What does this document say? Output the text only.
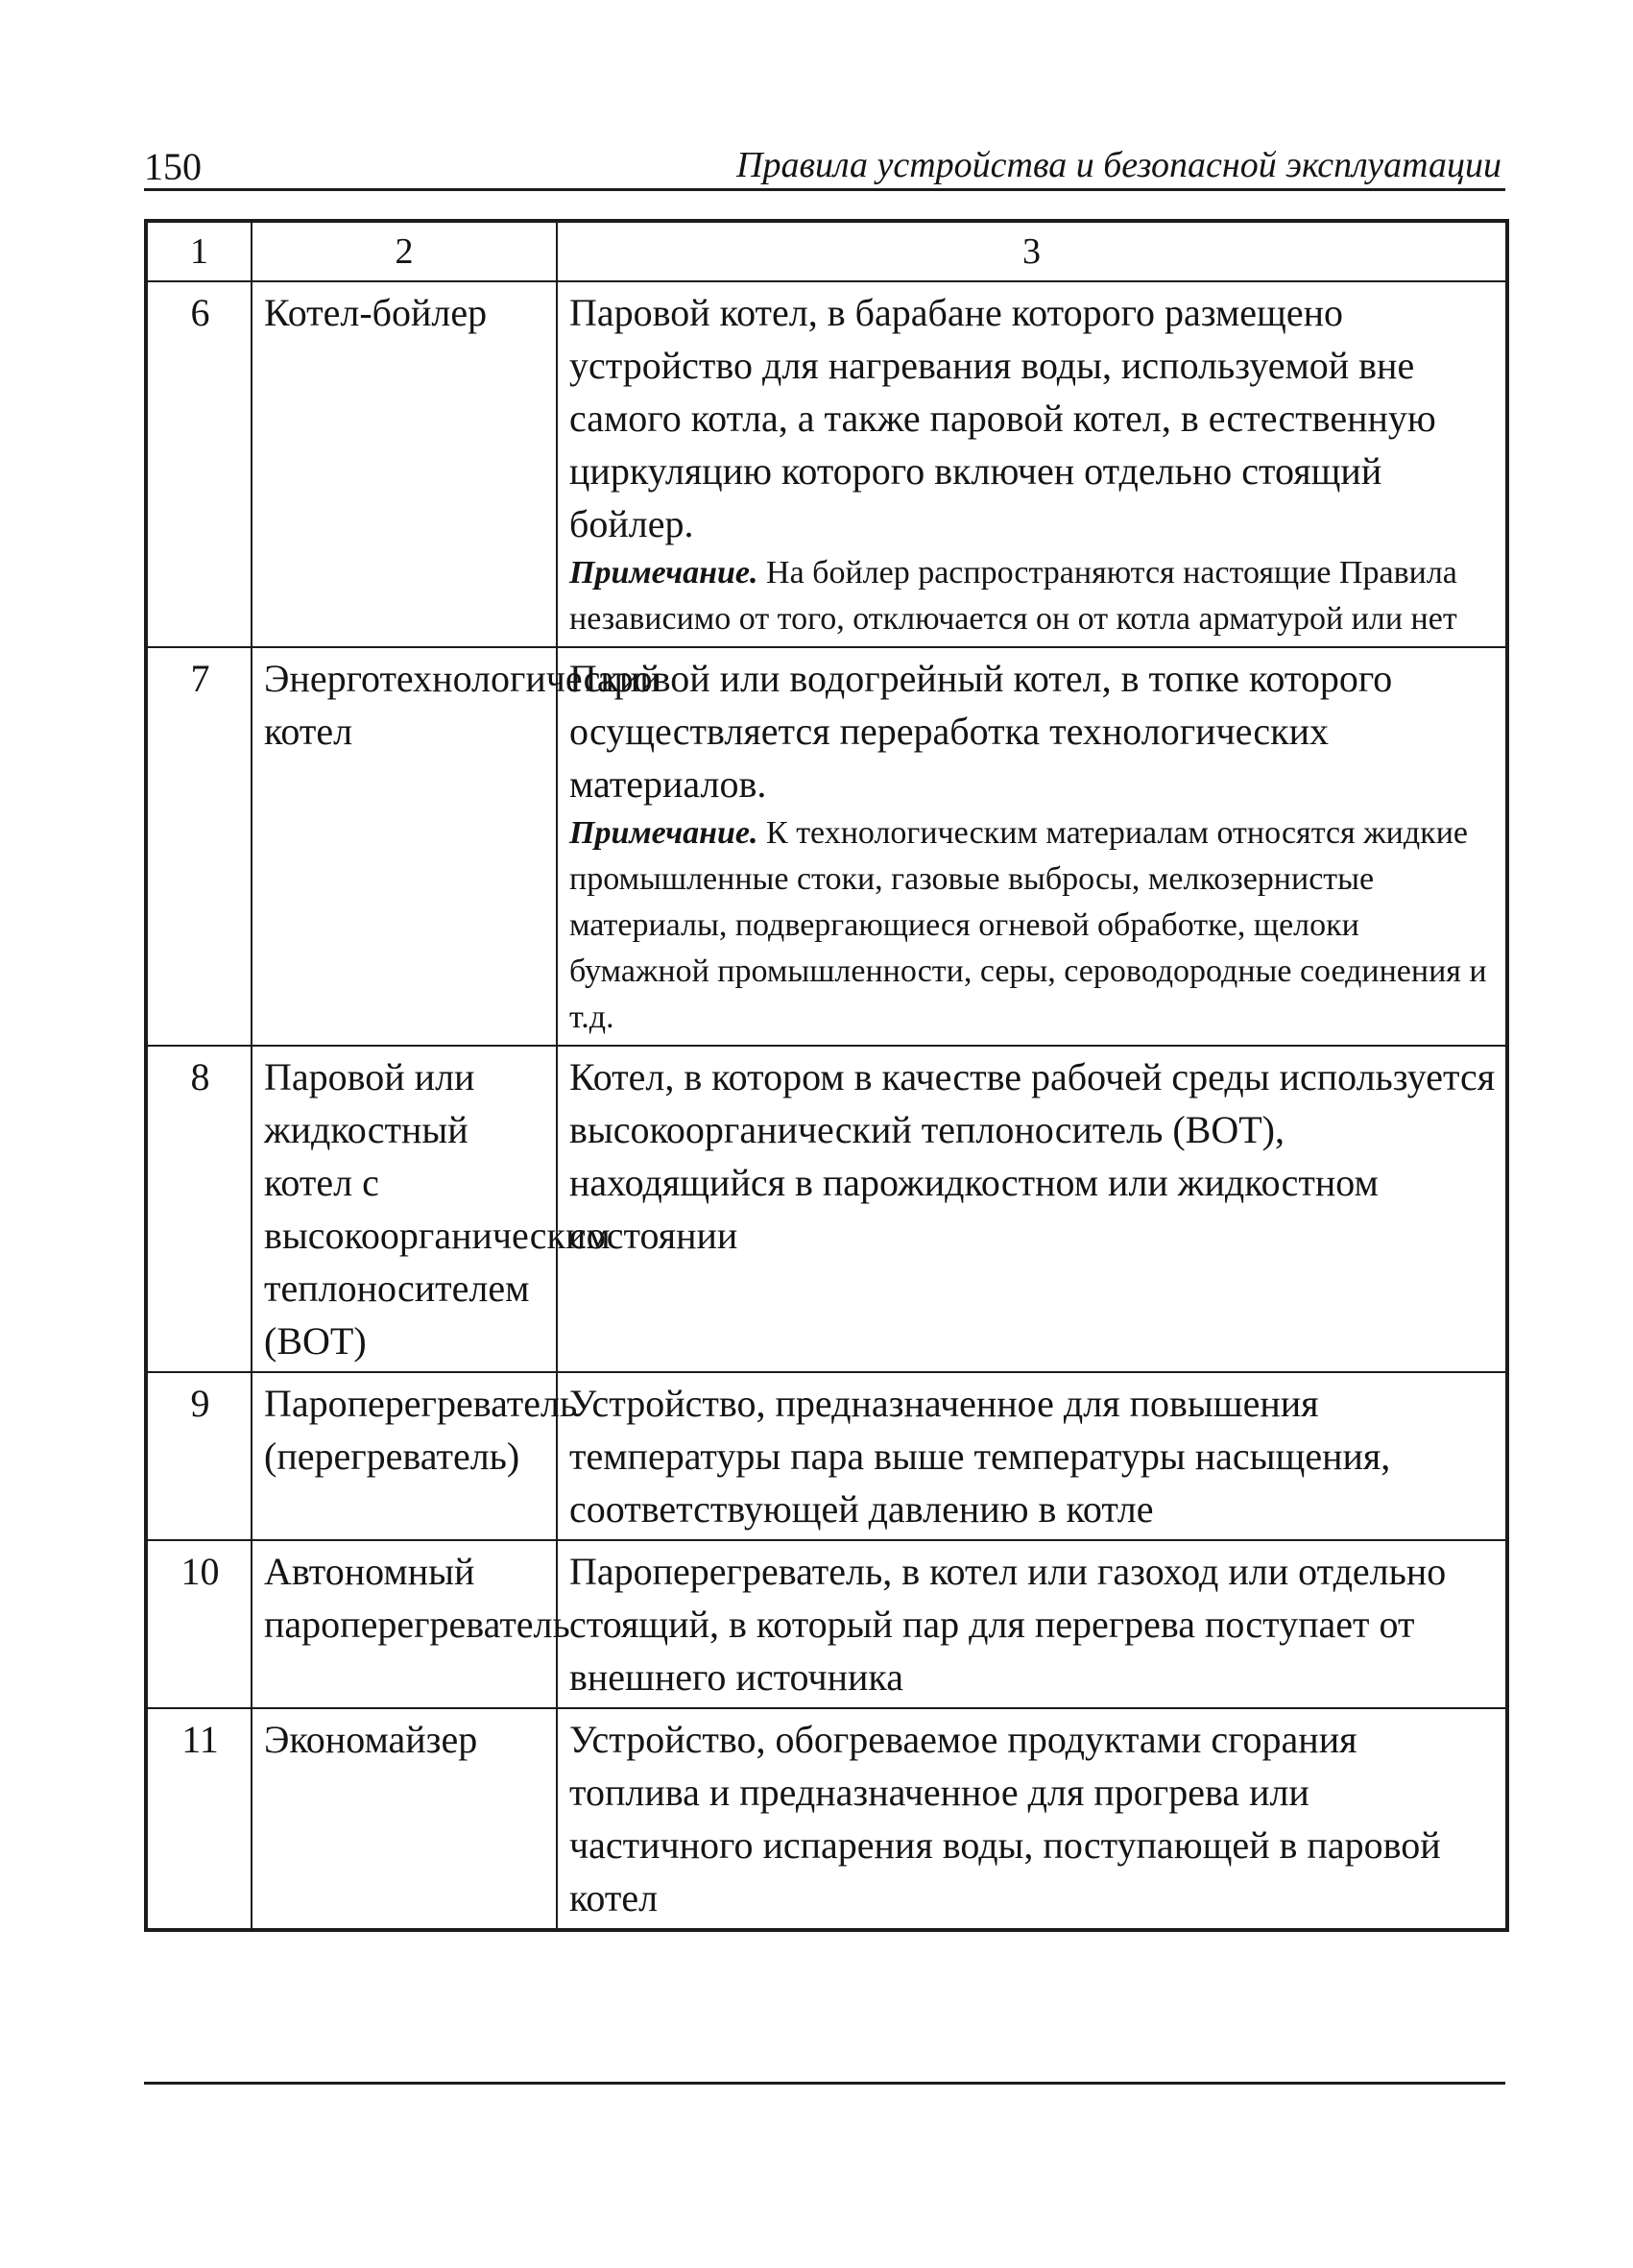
150	Правила устройства и безопасной эксплуатации
1	2	3
6	Котел-бойлер	Паровой котел, в барабане которого размещено устройство для нагревания воды, используемой вне самого котла, а также паровой котел, в естественную циркуляцию которого включен отдельно стоящий бойлер.
Примечание. На бойлер распространяются настоящие Правила независимо от того, отключается он от котла арматурой или нет

7	Энерготехнологический котел	Паровой или водогрейный котел, в топке которого осуществляется переработка технологических материалов.
Примечание. К технологическим материалам относятся жидкие промышленные стоки, газовые выбросы, мелкозернистые материалы, подвергающиеся огневой обработке, щелоки бумажной промышленности, серы, сероводородные соединения и т.д.

8	Паровой или жидкостный котел с высокоорганическим теплоносителем (ВОТ)	Котел, в котором в качестве рабочей среды используется высокоорганический теплоноситель (ВОТ), находящийся в парожидкостном или жидкостном состоянии
9	Пароперегреватель (перегреватель)	Устройство, предназначенное для повышения температуры пара выше температуры насыщения, соответствующей давлению в котле
10	Автономный пароперегреватель	Пароперегреватель, в котел или газоход или отдельно стоящий, в который пар для перегрева поступает от внешнего источника
11	Экономайзер	Устройство, обогреваемое продуктами сгорания топлива и предназначенное для прогрева или частичного испарения воды, поступающей в паровой котел
